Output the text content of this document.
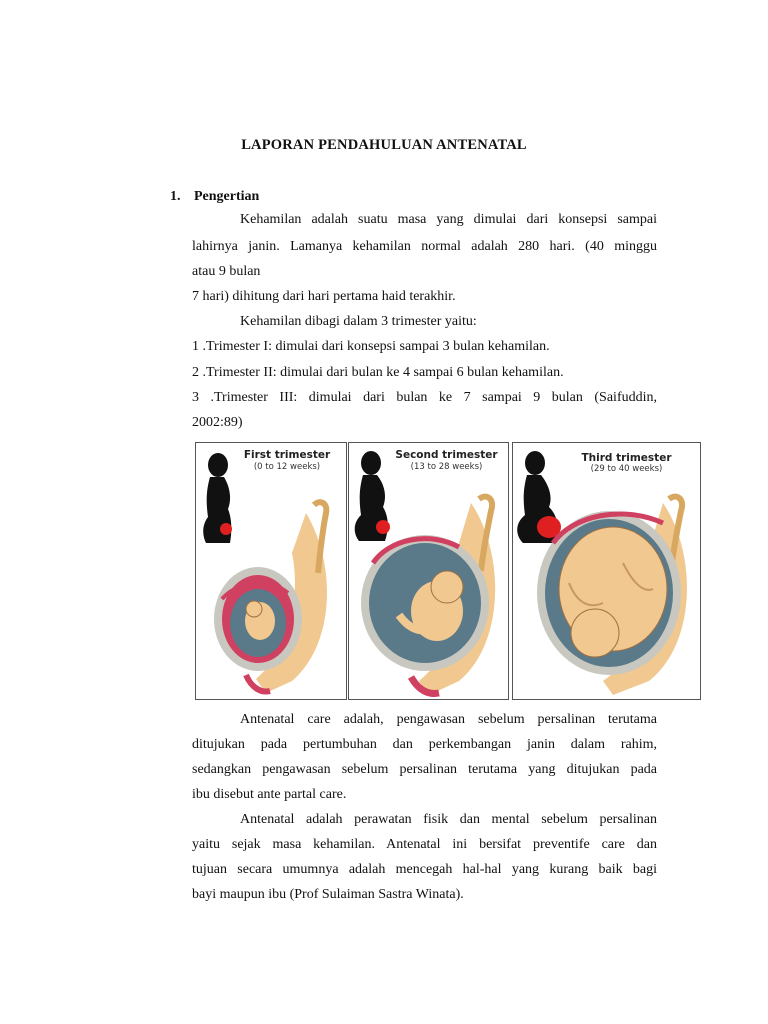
LAPORAN PENDAHULUAN ANTENATAL
1. Pengertian
Kehamilan adalah suatu masa yang dimulai dari konsepsi sampai
lahirnya janin. Lamanya kehamilan normal adalah 280 hari. (40 minggu
atau 9 bulan
7 hari) dihitung dari hari pertama haid terakhir.
Kehamilan dibagi dalam 3 trimester yaitu:
1 .Trimester I: dimulai dari konsepsi sampai 3 bulan kehamilan.
2 .Trimester II: dimulai dari bulan ke 4 sampai 6 bulan kehamilan.
3 .Trimester III: dimulai dari bulan ke 7 sampai 9 bulan (Saifuddin,
2002:89)
First trimester
(0 to 12 weeks)
Second trimester
(13 to 28 weeks)
Third trimester
(29 to 40 weeks)
Antenatal care adalah, pengawasan sebelum persalinan terutama
ditujukan pada pertumbuhan dan perkembangan janin dalam rahim,
sedangkan pengawasan sebelum persalinan terutama yang ditujukan pada
ibu disebut ante partal care.
Antenatal adalah perawatan fisik dan mental sebelum persalinan
yaitu sejak masa kehamilan. Antenatal ini bersifat preventife care dan
tujuan secara umumnya adalah mencegah hal-hal yang kurang baik bagi
bayi maupun ibu (Prof Sulaiman Sastra Winata).
